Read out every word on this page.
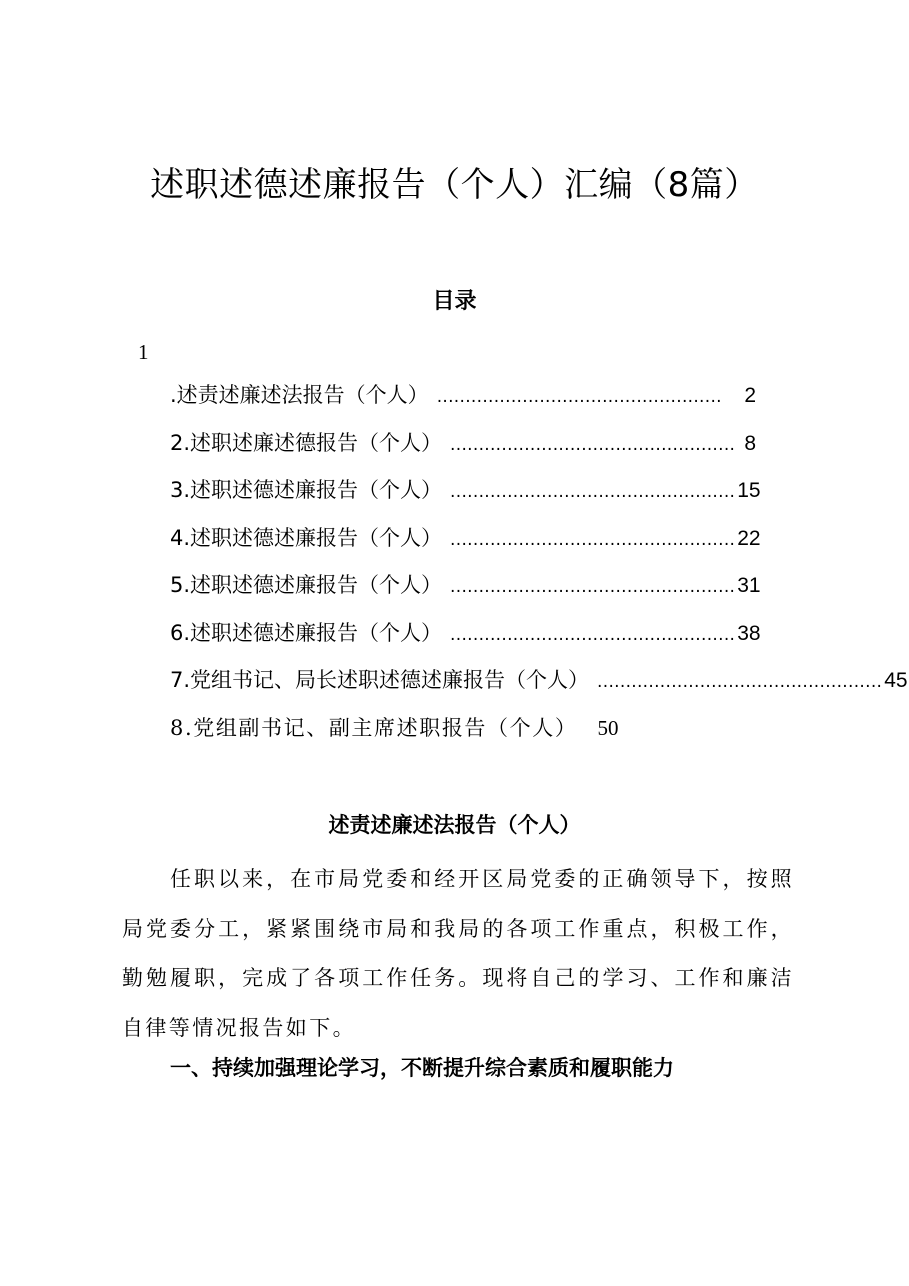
述职述德述廉报告（个人）汇编（8篇）
目录
1
.述责述廉述法报告（个人） ..................................................	2
2.述职述廉述德报告（个人） .................................................. 8
3.述职述德述廉报告（个人） .................................................. 15
4.述职述德述廉报告（个人） .................................................. 22
5.述职述德述廉报告（个人） .................................................. 31
6.述职述德述廉报告（个人） .................................................. 38
7.党组书记、局长述职述德述廉报告（个人） .................................................. 45
8.党组副书记、副主席述职报告（个人） 50
述责述廉述法报告（个人）

任职以来，在市局党委和经开区局党委的正确领导下，按照局党委分工，紧紧围绕市局和我局的各项工作重点，积极工作，勤勉履职，完成了各项工作任务。现将自己的学习、工作和廉洁自律等情况报告如下。

一、持续加强理论学习，不断提升综合素质和履职能力
